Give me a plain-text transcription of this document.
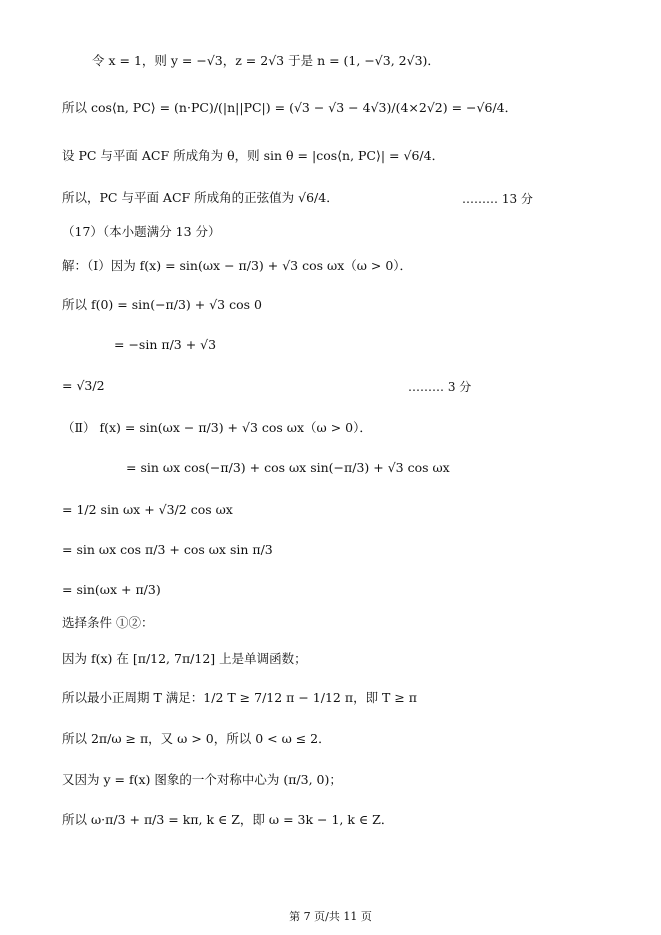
令 x = 1，则 y = −√3，z = 2√3 于是 n = (1, −√3, 2√3)．
所以 cos⟨n, PC⟩ = (n·PC)/(|n||PC|) = (√3 − √3 − 4√3)/(4×2√2) = −√6/4．
设 PC 与平面 ACF 所成角为 θ，则 sin θ = |cos⟨n, PC⟩| = √6/4．
所以，PC 与平面 ACF 所成角的正弦值为 √6/4．	……… 13 分
（17）（本小题满分 13 分）
解：（Ⅰ）因为 f(x) = sin(ωx − π/3) + √3 cos ωx（ω > 0）．
所以 f(0) = sin(−π/3) + √3 cos 0
= −sin π/3 + √3
= √3/2	……… 3 分
（Ⅱ） f(x) = sin(ωx − π/3) + √3 cos ωx（ω > 0）．
= sin ωx cos(−π/3) + cos ωx sin(−π/3) + √3 cos ωx
= 1/2 sin ωx + √3/2 cos ωx
= sin ωx cos π/3 + cos ωx sin π/3
= sin(ωx + π/3)
选择条件 ①②：
因为 f(x) 在 [π/12, 7π/12] 上是单调函数；
所以最小正周期 T 满足：1/2 T ≥ 7/12 π − 1/12 π，即 T ≥ π
所以 2π/ω ≥ π，又 ω > 0，所以 0 < ω ≤ 2．
又因为 y = f(x) 图象的一个对称中心为 (π/3, 0)；
所以 ω·π/3 + π/3 = kπ, k ∈ Z，即 ω = 3k − 1, k ∈ Z．
第 7 页/共 11 页
